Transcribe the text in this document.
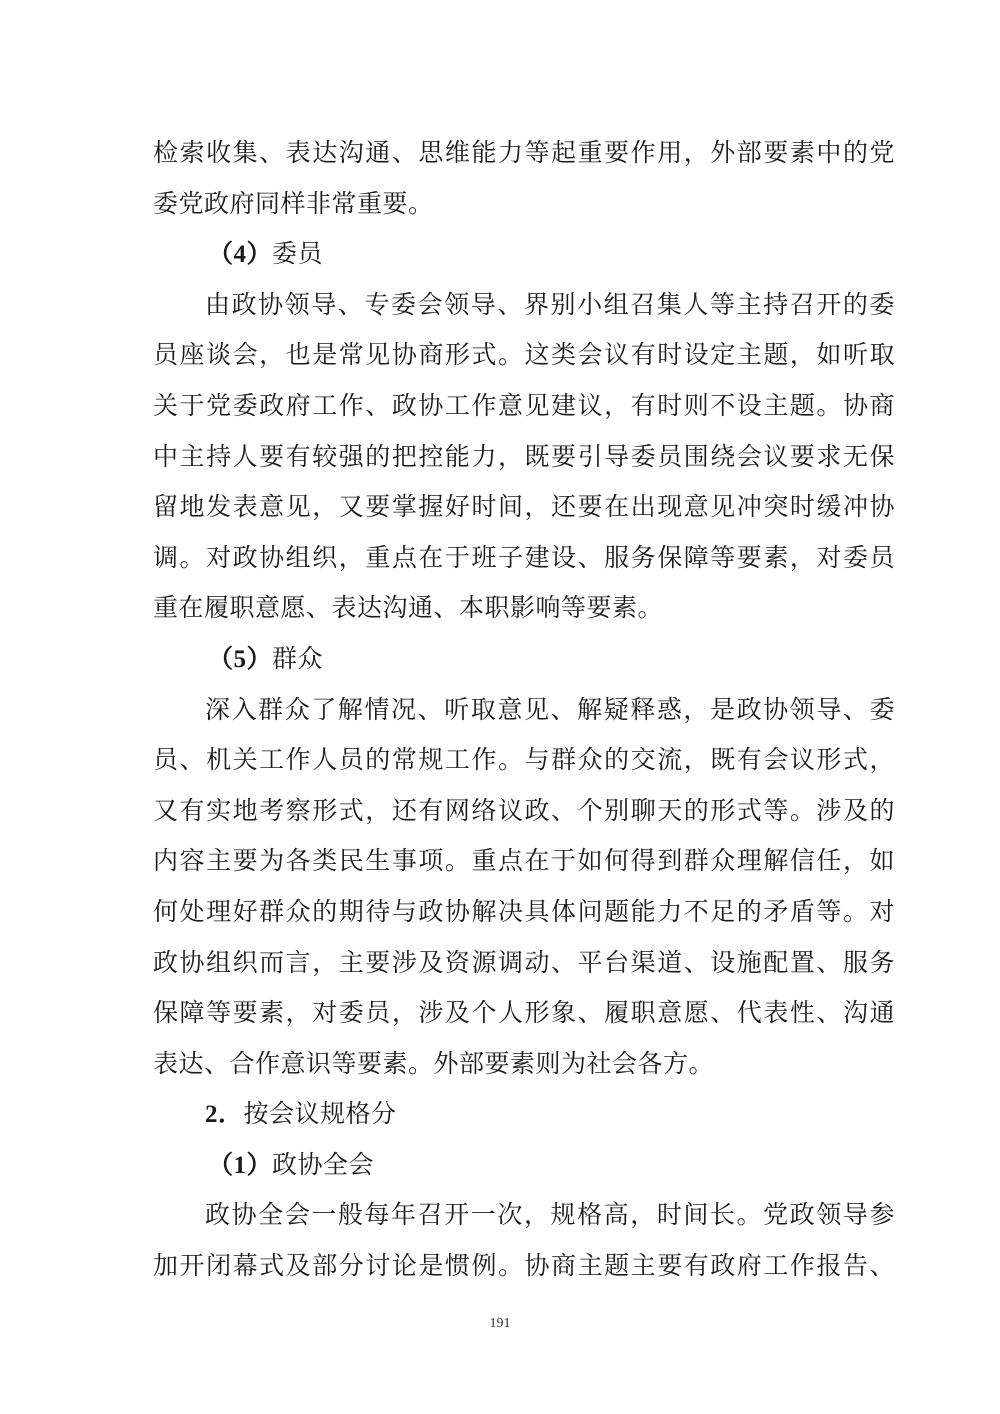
检索收集、表达沟通、思维能力等起重要作用，外部要素中的党
委党政府同样非常重要。
（4）委员
由政协领导、专委会领导、界别小组召集人等主持召开的委
员座谈会，也是常见协商形式。这类会议有时设定主题，如听取
关于党委政府工作、政协工作意见建议，有时则不设主题。协商
中主持人要有较强的把控能力，既要引导委员围绕会议要求无保
留地发表意见，又要掌握好时间，还要在出现意见冲突时缓冲协
调。对政协组织，重点在于班子建设、服务保障等要素，对委员
重在履职意愿、表达沟通、本职影响等要素。
（5）群众
深入群众了解情况、听取意见、解疑释惑，是政协领导、委
员、机关工作人员的常规工作。与群众的交流，既有会议形式，
又有实地考察形式，还有网络议政、个别聊天的形式等。涉及的
内容主要为各类民生事项。重点在于如何得到群众理解信任，如
何处理好群众的期待与政协解决具体问题能力不足的矛盾等。对
政协组织而言，主要涉及资源调动、平台渠道、设施配置、服务
保障等要素，对委员，涉及个人形象、履职意愿、代表性、沟通
表达、合作意识等要素。外部要素则为社会各方。
2．按会议规格分
（1）政协全会
政协全会一般每年召开一次，规格高，时间长。党政领导参
加开闭幕式及部分讨论是惯例。协商主题主要有政府工作报告、
191
